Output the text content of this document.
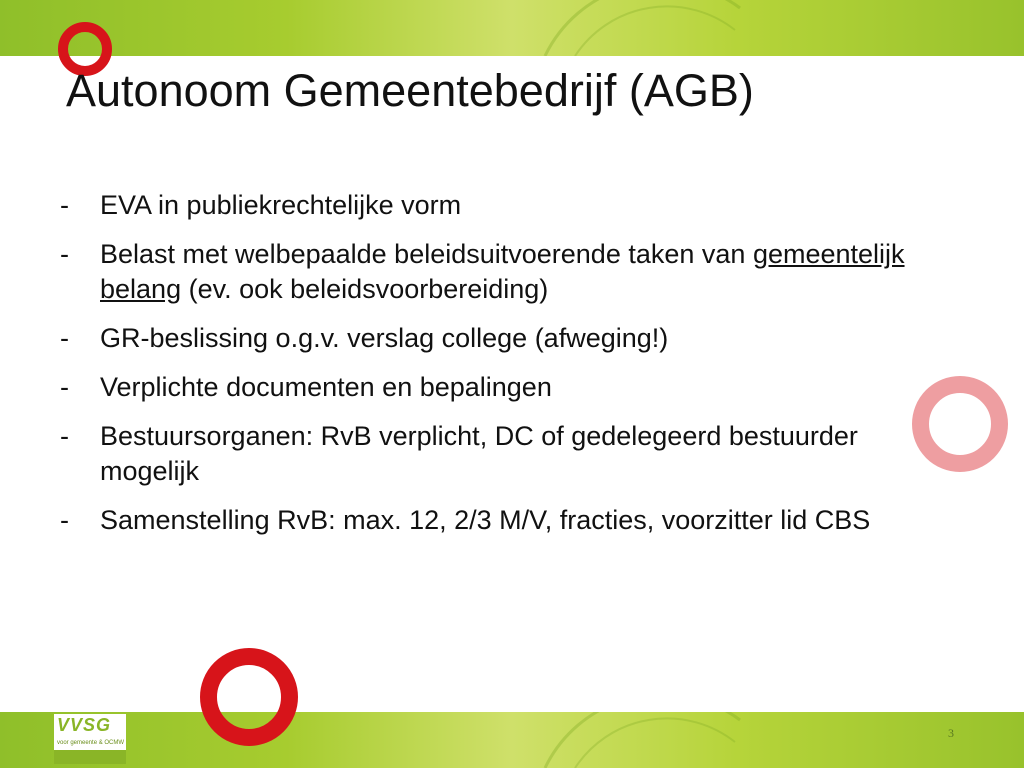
Autonoom Gemeentebedrijf (AGB)
- EVA in publiekrechtelijke vorm
- Belast met welbepaalde beleidsuitvoerende taken van gemeentelijk belang (ev. ook beleidsvoorbereiding)
- GR-beslissing o.g.v. verslag college (afweging!)
- Verplichte documenten en bepalingen
- Bestuursorganen: RvB verplicht, DC of gedelegeerd bestuurder mogelijk
- Samenstelling RvB: max. 12, 2/3 M/V, fracties, voorzitter lid CBS
VVSG
voor gemeente & OCMW
3
